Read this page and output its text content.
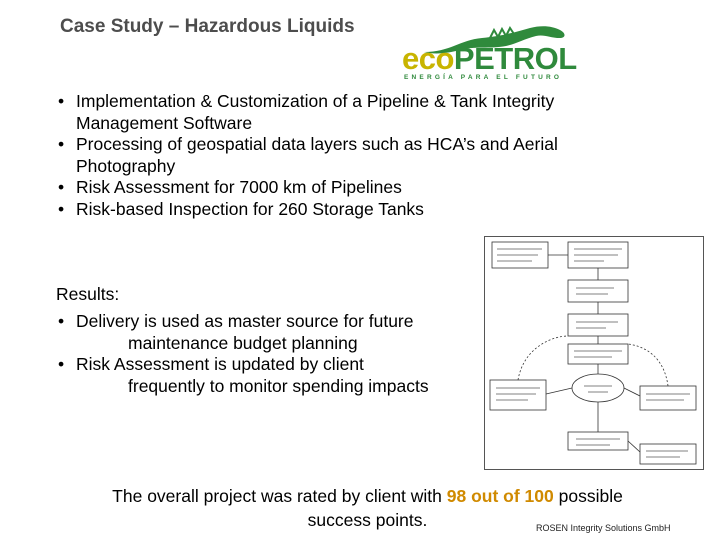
Case Study – Hazardous Liquids
ecoPETROL
ENERGÍA PARA EL FUTURO
• Implementation & Customization of a Pipeline & Tank Integrity Management Software
• Processing of geospatial data layers such as HCA’s and Aerial Photography
• Risk Assessment for 7000 km of Pipelines
• Risk-based Inspection for 260 Storage Tanks
Results:
• Delivery is used as master source for future
maintenance budget planning
• Risk Assessment is updated by client
frequently to monitor spending impacts
The overall project was rated by client with 98 out of 100 possible
success points.	ROSEN Integrity Solutions GmbH
